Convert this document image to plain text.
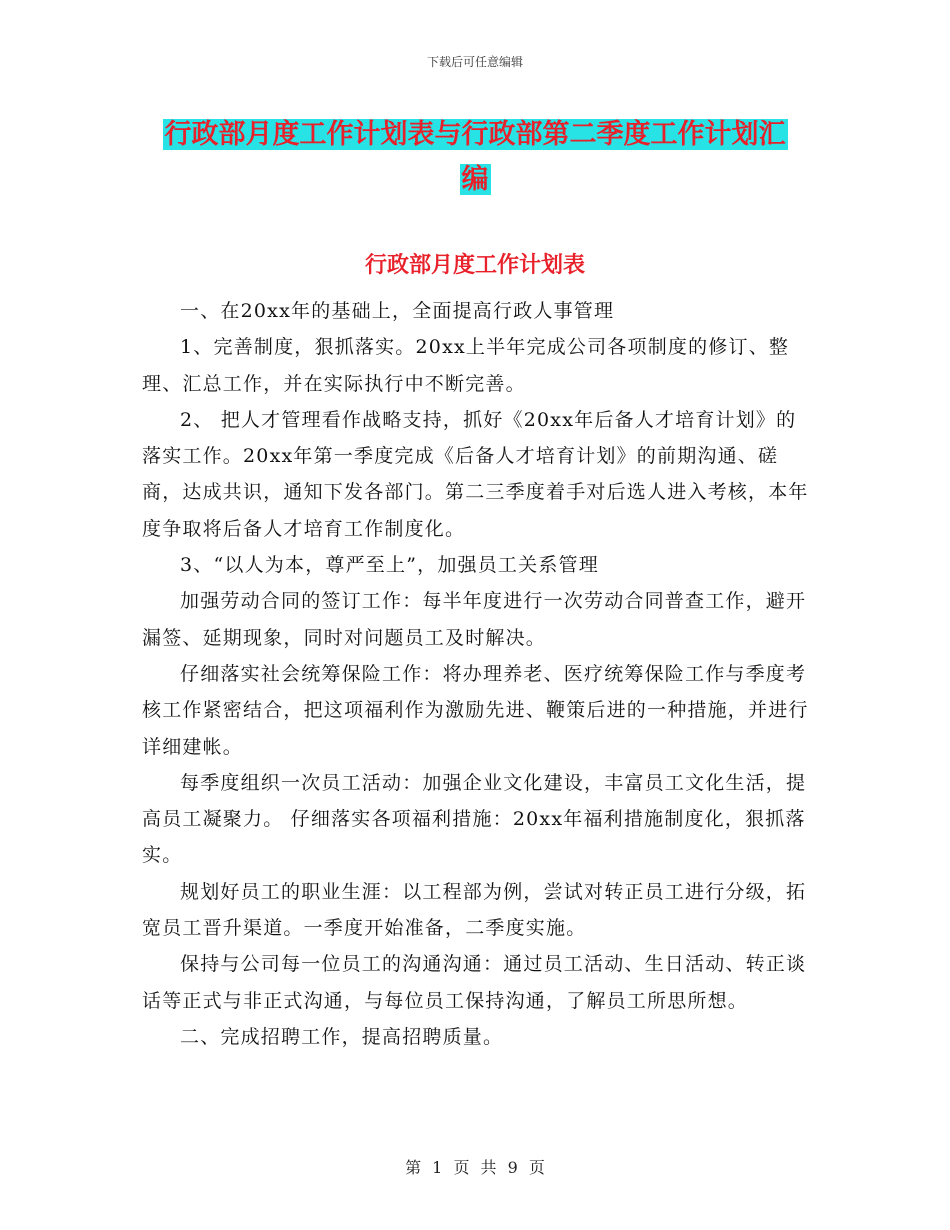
下载后可任意编辑
行政部月度工作计划表与行政部第二季度工作计划汇
编
行政部月度工作计划表

一、在20xx年的基础上，全面提高行政人事管理

1、完善制度，狠抓落实。20xx上半年完成公司各项制度的修订、整理、汇总工作，并在实际执行中不断完善。

2、 把人才管理看作战略支持，抓好《20xx年后备人才培育计划》的落实工作。20xx年第一季度完成《后备人才培育计划》的前期沟通、磋商，达成共识，通知下发各部门。第二三季度着手对后选人进入考核，本年度争取将后备人才培育工作制度化。

3、“以人为本，尊严至上”，加强员工关系管理

加强劳动合同的签订工作：每半年度进行一次劳动合同普查工作，避开漏签、延期现象，同时对问题员工及时解决。

仔细落实社会统筹保险工作：将办理养老、医疗统筹保险工作与季度考核工作紧密结合，把这项福利作为激励先进、鞭策后进的一种措施，并进行详细建帐。

每季度组织一次员工活动：加强企业文化建设，丰富员工文化生活，提高员工凝聚力。 仔细落实各项福利措施：20xx年福利措施制度化，狠抓落实。

规划好员工的职业生涯：以工程部为例，尝试对转正员工进行分级，拓宽员工晋升渠道。一季度开始准备，二季度实施。

保持与公司每一位员工的沟通沟通：通过员工活动、生日活动、转正谈话等正式与非正式沟通，与每位员工保持沟通，了解员工所思所想。

二、完成招聘工作，提高招聘质量。

第 1 页 共 9 页
